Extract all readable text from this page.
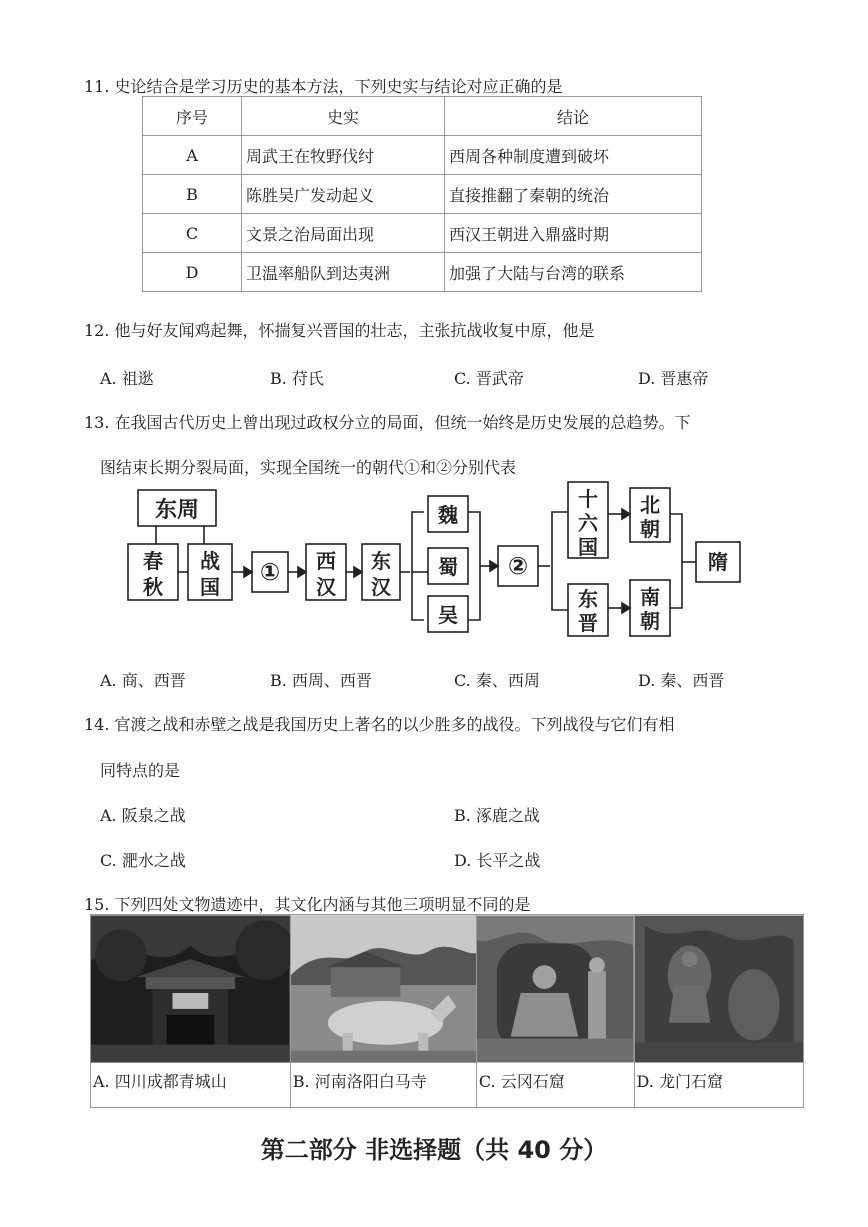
11. 史论结合是学习历史的基本方法，下列史实与结论对应正确的是
序号	史实	结论
A	周武王在牧野伐纣	西周各种制度遭到破坏
B	陈胜吴广发动起义	直接推翻了秦朝的统治
C	文景之治局面出现	西汉王朝进入鼎盛时期
D	卫温率船队到达夷洲	加强了大陆与台湾的联系
12. 他与好友闻鸡起舞，怀揣复兴晋国的壮志，主张抗战收复中原，他是
A. 祖逖	B. 苻氏	C. 晋武帝	D. 晋惠帝
13. 在我国古代历史上曾出现过政权分立的局面，但统一始终是历史发展的总趋势。下
图结束长期分裂局面，实现全国统一的朝代①和②分别代表
东周
春
秋
战
国
① 西
汉
东
汉
魏
蜀
吴
②
十
六
国
东
晋
北
朝
南
朝
隋
A. 商、西晋	B. 西周、西晋	C. 秦、西周	D. 秦、西晋
14. 官渡之战和赤壁之战是我国历史上著名的以少胜多的战役。下列战役与它们有相
同特点的是
A. 阪泉之战	B. 涿鹿之战
C. 淝水之战	D. 长平之战
15. 下列四处文物遗迹中，其文化内涵与其他三项明显不同的是
A. 四川成都青城山	B. 河南洛阳白马寺	C. 云冈石窟	D. 龙门石窟
第二部分 非选择题（共 40 分）
